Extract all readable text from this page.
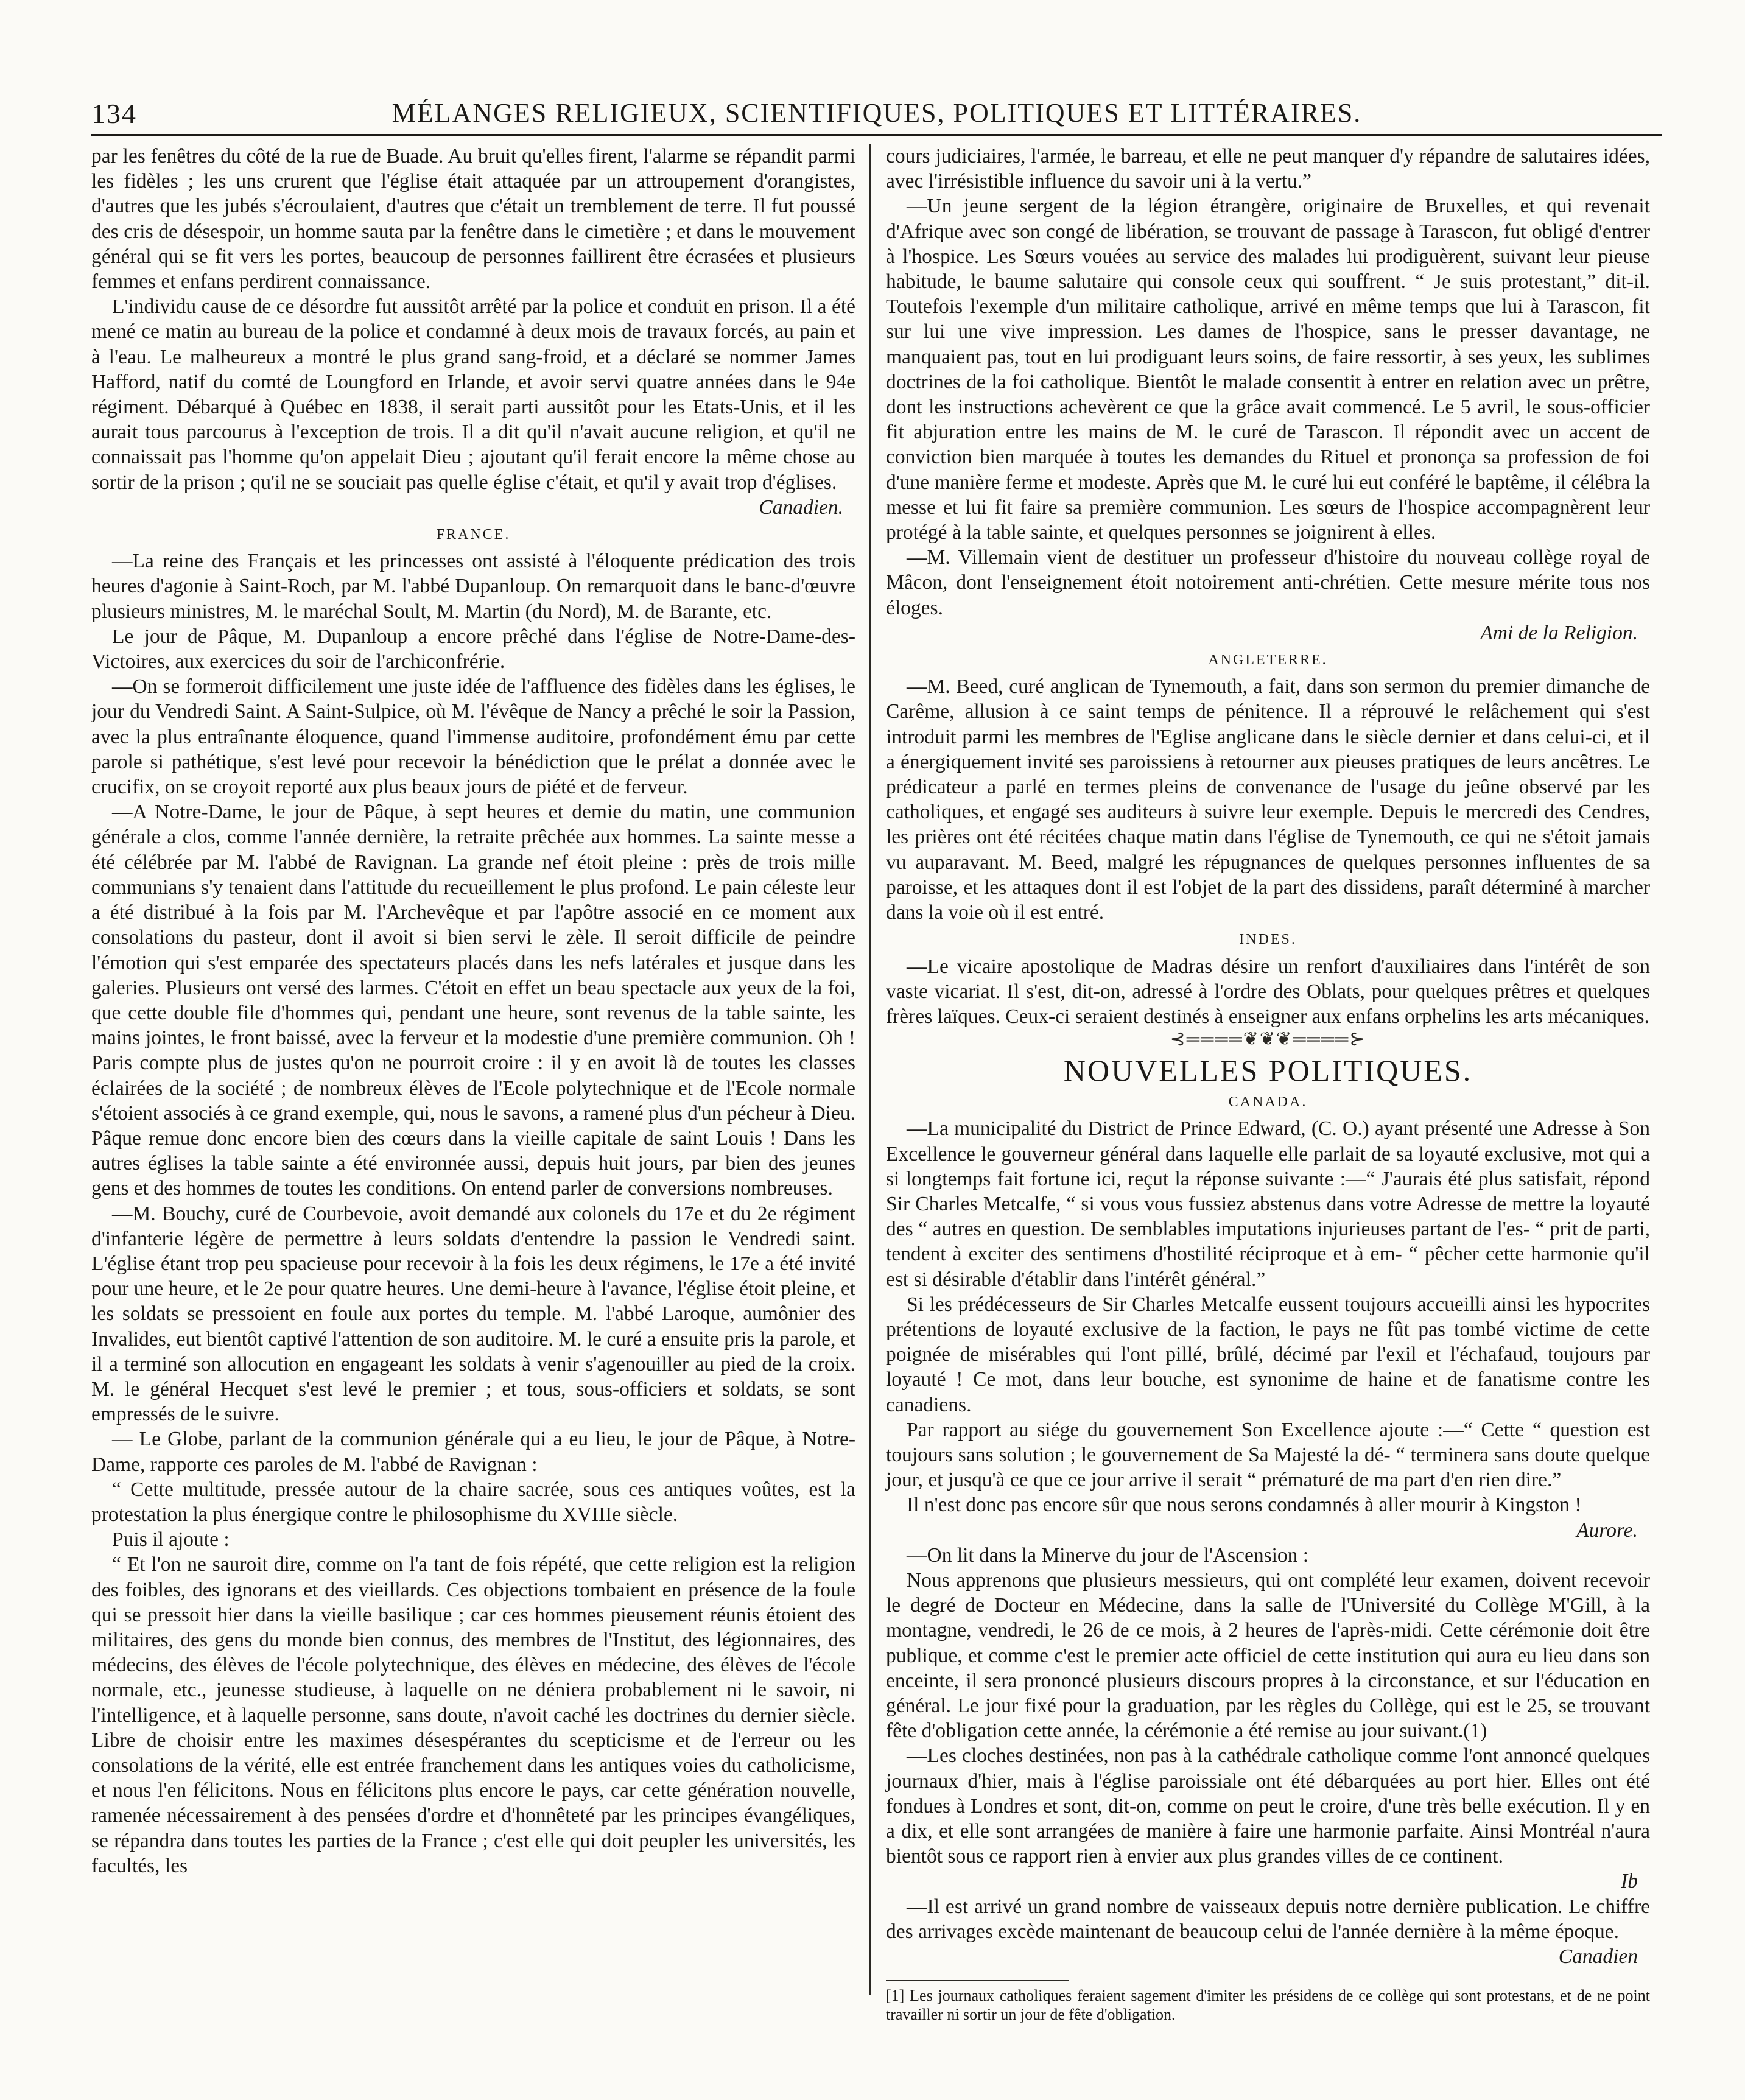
134	MÉLANGES RELIGIEUX, SCIENTIFIQUES, POLITIQUES ET LITTÉRAIRES.

par les fenêtres du côté de la rue de Buade. Au bruit qu'elles firent, l'alarme se répandit parmi les fidèles ; les uns crurent que l'église était attaquée par un attroupement d'orangistes, d'autres que les jubés s'écroulaient, d'autres que c'était un tremblement de terre. Il fut poussé des cris de désespoir, un homme sauta par la fenêtre dans le cimetière ; et dans le mouvement général qui se fit vers les portes, beaucoup de personnes faillirent être écrasées et plusieurs femmes et enfans perdirent connaissance.

L'individu cause de ce désordre fut aussitôt arrêté par la police et conduit en prison. Il a été mené ce matin au bureau de la police et condamné à deux mois de travaux forcés, au pain et à l'eau. Le malheureux a montré le plus grand sang-froid, et a déclaré se nommer James Hafford, natif du comté de Loungford en Irlande, et avoir servi quatre années dans le 94e régiment. Débarqué à Québec en 1838, il serait parti aussitôt pour les Etats-Unis, et il les aurait tous parcourus à l'exception de trois. Il a dit qu'il n'avait aucune religion, et qu'il ne connaissait pas l'homme qu'on appelait Dieu ; ajoutant qu'il ferait encore la même chose au sortir de la prison ; qu'il ne se souciait pas quelle église c'était, et qu'il y avait trop d'églises.

Canadien.
FRANCE.

—La reine des Français et les princesses ont assisté à l'éloquente prédication des trois heures d'agonie à Saint-Roch, par M. l'abbé Dupanloup. On remarquoit dans le banc-d'œuvre plusieurs ministres, M. le maréchal Soult, M. Martin (du Nord), M. de Barante, etc.

Le jour de Pâque, M. Dupanloup a encore prêché dans l'église de Notre-Dame-des-Victoires, aux exercices du soir de l'archiconfrérie.

—On se formeroit difficilement une juste idée de l'affluence des fidèles dans les églises, le jour du Vendredi Saint. A Saint-Sulpice, où M. l'évêque de Nancy a prêché le soir la Passion, avec la plus entraînante éloquence, quand l'immense auditoire, profondément ému par cette parole si pathétique, s'est levé pour recevoir la bénédiction que le prélat a donnée avec le crucifix, on se croyoit reporté aux plus beaux jours de piété et de ferveur.

—A Notre-Dame, le jour de Pâque, à sept heures et demie du matin, une communion générale a clos, comme l'année dernière, la retraite prêchée aux hommes. La sainte messe a été célébrée par M. l'abbé de Ravignan. La grande nef étoit pleine : près de trois mille communians s'y tenaient dans l'attitude du recueillement le plus profond. Le pain céleste leur a été distribué à la fois par M. l'Archevêque et par l'apôtre associé en ce moment aux consolations du pasteur, dont il avoit si bien servi le zèle. Il seroit difficile de peindre l'émotion qui s'est emparée des spectateurs placés dans les nefs latérales et jusque dans les galeries. Plusieurs ont versé des larmes. C'étoit en effet un beau spectacle aux yeux de la foi, que cette double file d'hommes qui, pendant une heure, sont revenus de la table sainte, les mains jointes, le front baissé, avec la ferveur et la modestie d'une première communion. Oh ! Paris compte plus de justes qu'on ne pourroit croire : il y en avoit là de toutes les classes éclairées de la société ; de nombreux élèves de l'Ecole polytechnique et de l'Ecole normale s'étoient associés à ce grand exemple, qui, nous le savons, a ramené plus d'un pécheur à Dieu. Pâque remue donc encore bien des cœurs dans la vieille capitale de saint Louis ! Dans les autres églises la table sainte a été environnée aussi, depuis huit jours, par bien des jeunes gens et des hommes de toutes les conditions. On entend parler de conversions nombreuses.

—M. Bouchy, curé de Courbevoie, avoit demandé aux colonels du 17e et du 2e régiment d'infanterie légère de permettre à leurs soldats d'entendre la passion le Vendredi saint. L'église étant trop peu spacieuse pour recevoir à la fois les deux régimens, le 17e a été invité pour une heure, et le 2e pour quatre heures. Une demi-heure à l'avance, l'église étoit pleine, et les soldats se pressoient en foule aux portes du temple. M. l'abbé Laroque, aumônier des Invalides, eut bientôt captivé l'attention de son auditoire. M. le curé a ensuite pris la parole, et il a terminé son allocution en engageant les soldats à venir s'agenouiller au pied de la croix. M. le général Hecquet s'est levé le premier ; et tous, sous-officiers et soldats, se sont empressés de le suivre.

— Le Globe, parlant de la communion générale qui a eu lieu, le jour de Pâque, à Notre-Dame, rapporte ces paroles de M. l'abbé de Ravignan :

“ Cette multitude, pressée autour de la chaire sacrée, sous ces antiques voûtes, est la protestation la plus énergique contre le philosophisme du XVIIIe siècle.

Puis il ajoute :

“ Et l'on ne sauroit dire, comme on l'a tant de fois répété, que cette religion est la religion des foibles, des ignorans et des vieillards. Ces objections tombaient en présence de la foule qui se pressoit hier dans la vieille basilique ; car ces hommes pieusement réunis étoient des militaires, des gens du monde bien connus, des membres de l'Institut, des légionnaires, des médecins, des élèves de l'école polytechnique, des élèves en médecine, des élèves de l'école normale, etc., jeunesse studieuse, à laquelle on ne déniera probablement ni le savoir, ni l'intelligence, et à laquelle personne, sans doute, n'avoit caché les doctrines du dernier siècle. Libre de choisir entre les maximes désespérantes du scepticisme et de l'erreur ou les consolations de la vérité, elle est entrée franchement dans les antiques voies du catholicisme, et nous l'en félicitons. Nous en félicitons plus encore le pays, car cette génération nouvelle, ramenée nécessairement à des pensées d'ordre et d'honnêteté par les principes évangéliques, se répandra dans toutes les parties de la France ; c'est elle qui doit peupler les universités, les facultés, les

cours judiciaires, l'armée, le barreau, et elle ne peut manquer d'y répandre de salutaires idées, avec l'irrésistible influence du savoir uni à la vertu.”

—Un jeune sergent de la légion étrangère, originaire de Bruxelles, et qui revenait d'Afrique avec son congé de libération, se trouvant de passage à Tarascon, fut obligé d'entrer à l'hospice. Les Sœurs vouées au service des malades lui prodiguèrent, suivant leur pieuse habitude, le baume salutaire qui console ceux qui souffrent. “ Je suis protestant,” dit-il. Toutefois l'exemple d'un militaire catholique, arrivé en même temps que lui à Tarascon, fit sur lui une vive impression. Les dames de l'hospice, sans le presser davantage, ne manquaient pas, tout en lui prodiguant leurs soins, de faire ressortir, à ses yeux, les sublimes doctrines de la foi catholique. Bientôt le malade consentit à entrer en relation avec un prêtre, dont les instructions achevèrent ce que la grâce avait commencé. Le 5 avril, le sous-officier fit abjuration entre les mains de M. le curé de Tarascon. Il répondit avec un accent de conviction bien marquée à toutes les demandes du Rituel et prononça sa profession de foi d'une manière ferme et modeste. Après que M. le curé lui eut conféré le baptême, il célébra la messe et lui fit faire sa première communion. Les sœurs de l'hospice accompagnèrent leur protégé à la table sainte, et quelques personnes se joignirent à elles.

—M. Villemain vient de destituer un professeur d'histoire du nouveau collège royal de Mâcon, dont l'enseignement étoit notoirement anti-chrétien. Cette mesure mérite tous nos éloges.

Ami de la Religion.
ANGLETERRE.

—M. Beed, curé anglican de Tynemouth, a fait, dans son sermon du premier dimanche de Carême, allusion à ce saint temps de pénitence. Il a réprouvé le relâchement qui s'est introduit parmi les membres de l'Eglise anglicane dans le siècle dernier et dans celui-ci, et il a énergiquement invité ses paroissiens à retourner aux pieuses pratiques de leurs ancêtres. Le prédicateur a parlé en termes pleins de convenance de l'usage du jeûne observé par les catholiques, et engagé ses auditeurs à suivre leur exemple. Depuis le mercredi des Cendres, les prières ont été récitées chaque matin dans l'église de Tynemouth, ce qui ne s'étoit jamais vu auparavant. M. Beed, malgré les répugnances de quelques personnes influentes de sa paroisse, et les attaques dont il est l'objet de la part des dissidens, paraît déterminé à marcher dans la voie où il est entré.

INDES.

—Le vicaire apostolique de Madras désire un renfort d'auxiliaires dans l'intérêt de son vaste vicariat. Il s'est, dit-on, adressé à l'ordre des Oblats, pour quelques prêtres et quelques frères laïques. Ceux-ci seraient destinés à enseigner aux enfans orphelins les arts mécaniques.

⊰════❦❦❦════⊱
NOUVELLES POLITIQUES.
CANADA.

—La municipalité du District de Prince Edward, (C. O.) ayant présenté une Adresse à Son Excellence le gouverneur général dans laquelle elle parlait de sa loyauté exclusive, mot qui a si longtemps fait fortune ici, reçut la réponse suivante :—“ J'aurais été plus satisfait, répond Sir Charles Metcalfe, “ si vous vous fussiez abstenus dans votre Adresse de mettre la loyauté des “ autres en question. De semblables imputations injurieuses partant de l'es- “ prit de parti, tendent à exciter des sentimens d'hostilité réciproque et à em- “ pêcher cette harmonie qu'il est si désirable d'établir dans l'intérêt général.”

Si les prédécesseurs de Sir Charles Metcalfe eussent toujours accueilli ainsi les hypocrites prétentions de loyauté exclusive de la faction, le pays ne fût pas tombé victime de cette poignée de misérables qui l'ont pillé, brûlé, décimé par l'exil et l'échafaud, toujours par loyauté ! Ce mot, dans leur bouche, est synonime de haine et de fanatisme contre les canadiens.

Par rapport au siége du gouvernement Son Excellence ajoute :—“ Cette “ question est toujours sans solution ; le gouvernement de Sa Majesté la dé- “ terminera sans doute quelque jour, et jusqu'à ce que ce jour arrive il serait “ prématuré de ma part d'en rien dire.”

Il n'est donc pas encore sûr que nous serons condamnés à aller mourir à Kingston !

Aurore.

—On lit dans la Minerve du jour de l'Ascension :

Nous apprenons que plusieurs messieurs, qui ont complété leur examen, doivent recevoir le degré de Docteur en Médecine, dans la salle de l'Université du Collège M'Gill, à la montagne, vendredi, le 26 de ce mois, à 2 heures de l'après-midi. Cette cérémonie doit être publique, et comme c'est le premier acte officiel de cette institution qui aura eu lieu dans son enceinte, il sera prononcé plusieurs discours propres à la circonstance, et sur l'éducation en général. Le jour fixé pour la graduation, par les règles du Collège, qui est le 25, se trouvant fête d'obligation cette année, la cérémonie a été remise au jour suivant.(1)

—Les cloches destinées, non pas à la cathédrale catholique comme l'ont annoncé quelques journaux d'hier, mais à l'église paroissiale ont été débarquées au port hier. Elles ont été fondues à Londres et sont, dit-on, comme on peut le croire, d'une très belle exécution. Il y en a dix, et elle sont arrangées de manière à faire une harmonie parfaite. Ainsi Montréal n'aura bientôt sous ce rapport rien à envier aux plus grandes villes de ce continent.

Ib

—Il est arrivé un grand nombre de vaisseaux depuis notre dernière publication. Le chiffre des arrivages excède maintenant de beaucoup celui de l'année dernière à la même époque.

Canadien
[1] Les journaux catholiques feraient sagement d'imiter les présidens de ce collège qui sont protestans, et de ne point travailler ni sortir un jour de fête d'obligation.
